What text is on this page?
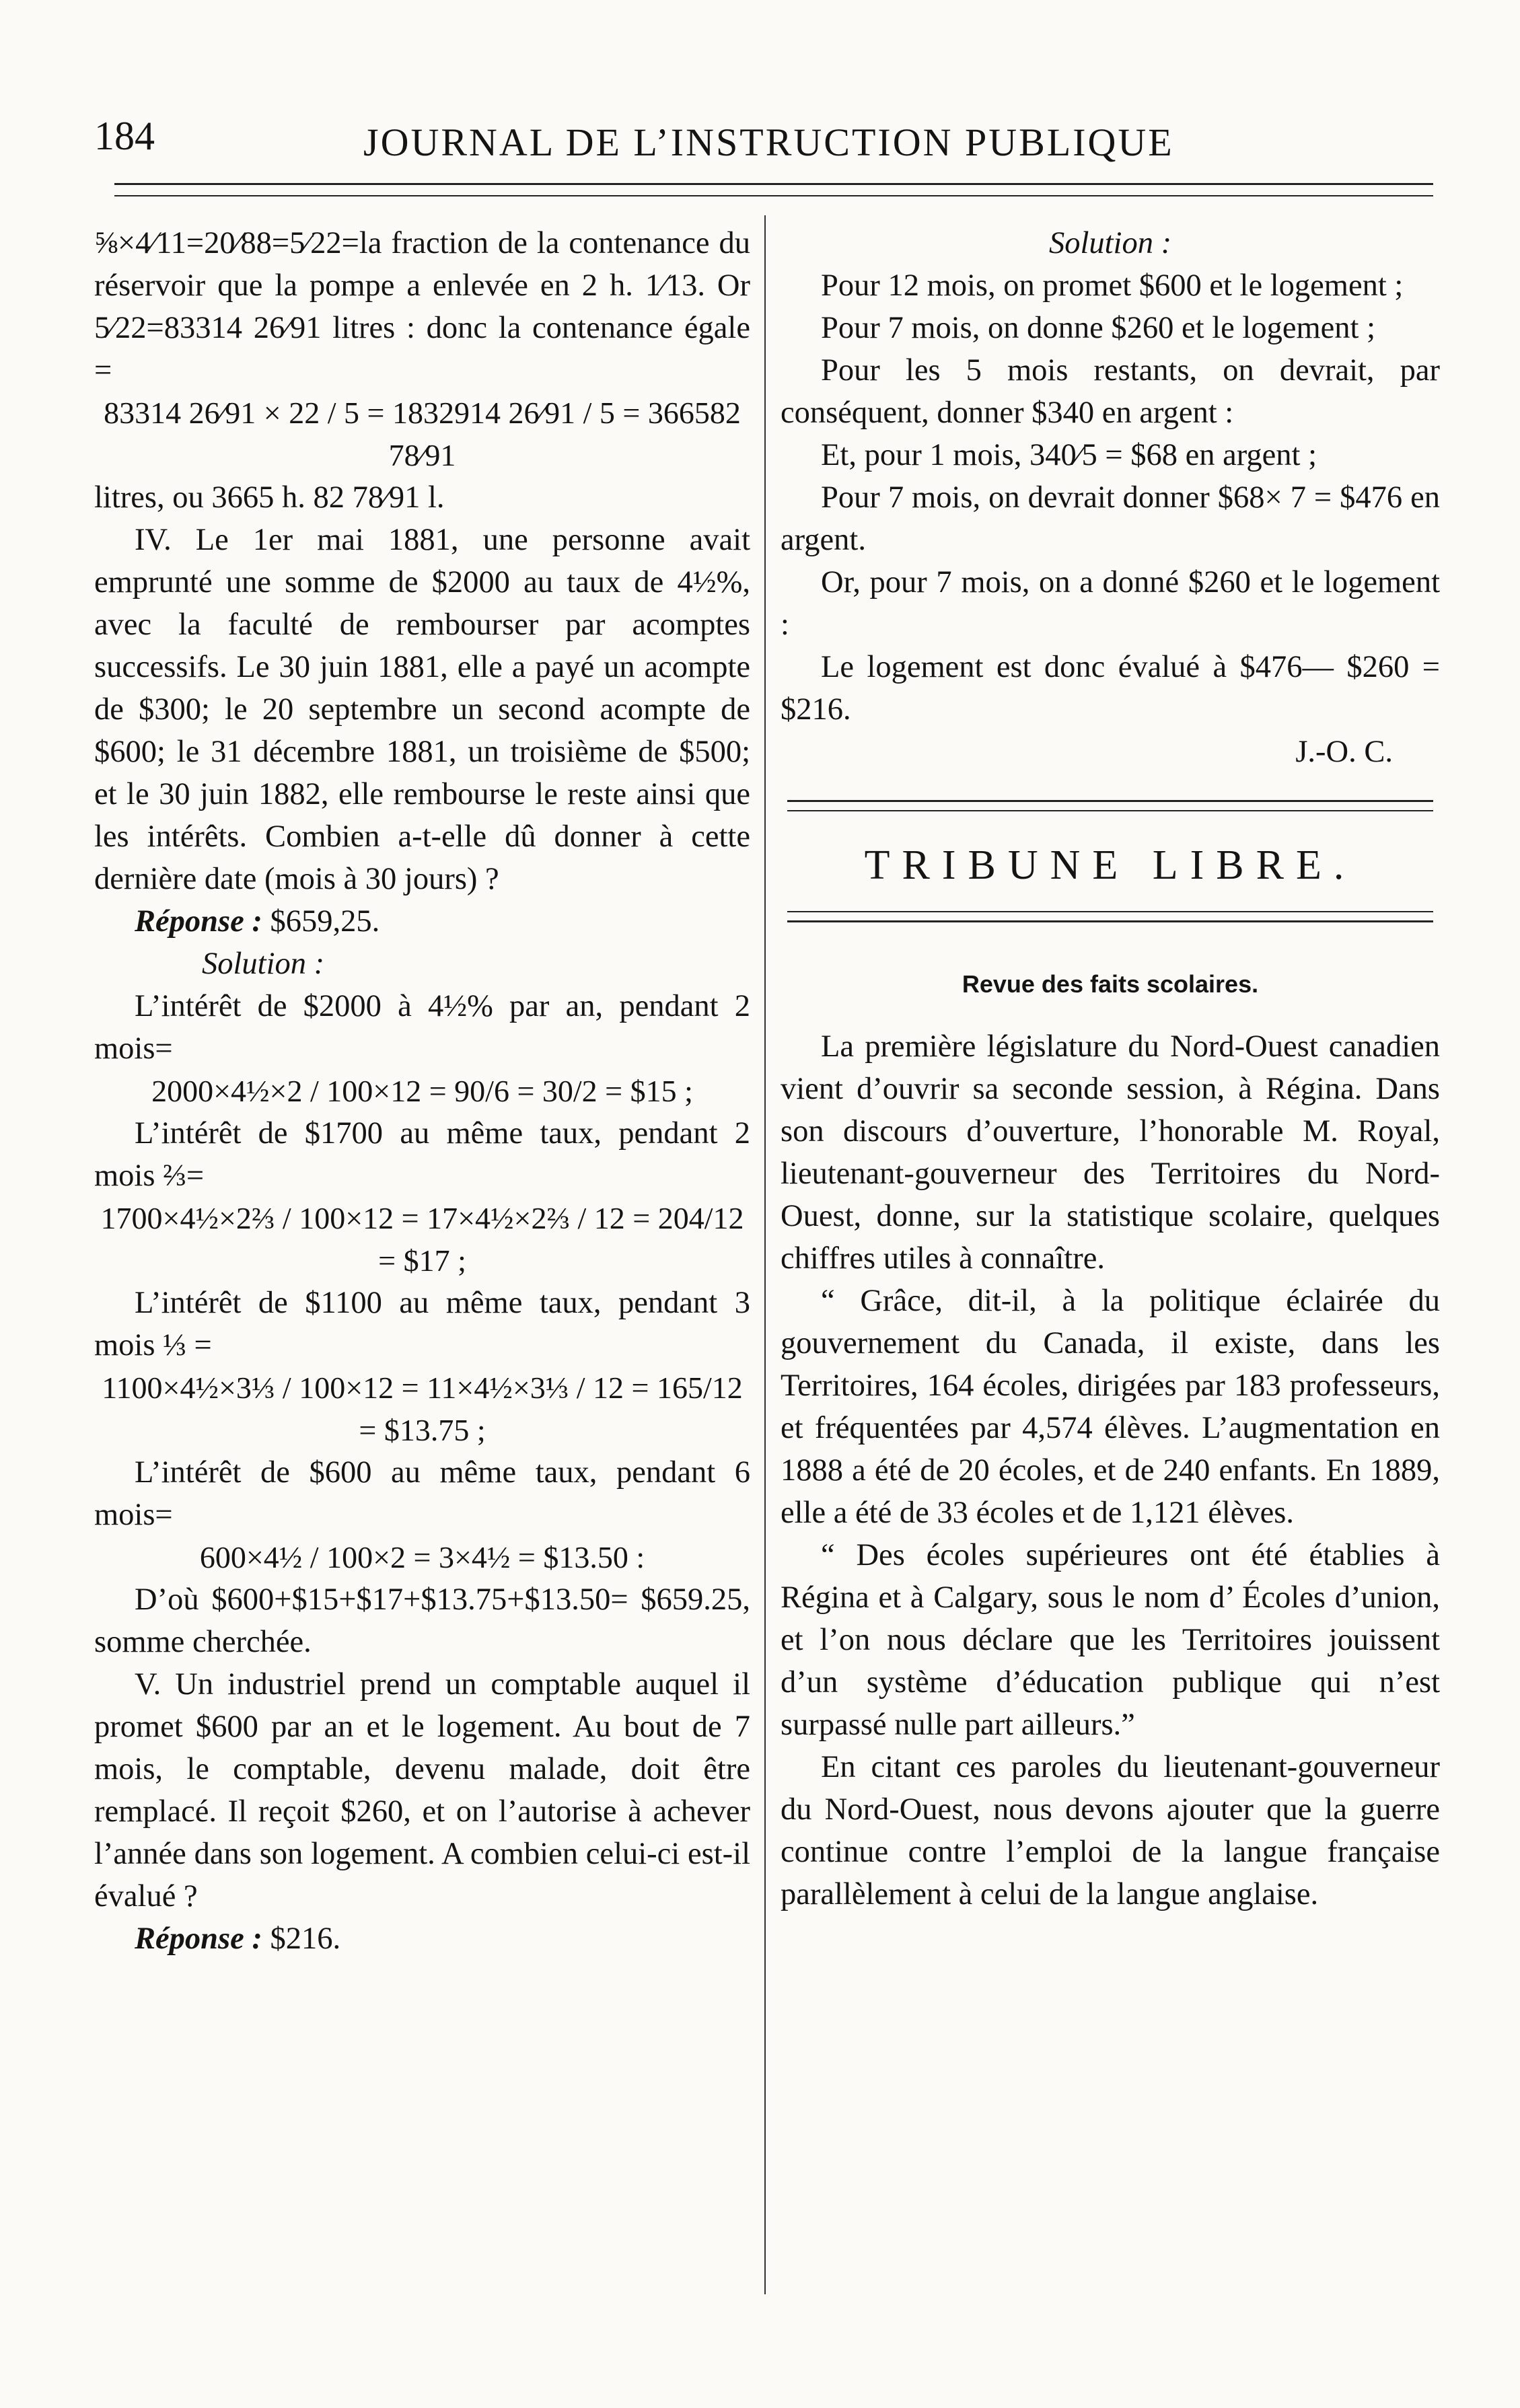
184	JOURNAL DE L’INSTRUCTION PUBLIQUE

⅝×4⁄11=20⁄88=5⁄22=la fraction de la contenance du réservoir que la pompe a enlevée en 2 h. 1⁄13. Or 5⁄22=83314 26⁄91 litres : donc la contenance égale =

83314 26⁄91 × 22 / 5 = 1832914 26⁄91 / 5 = 366582 78⁄91

litres, ou 3665 h. 82 78⁄91 l.

IV. Le 1er mai 1881, une personne avait emprunté une somme de $2000 au taux de 4½%, avec la faculté de rembourser par acomptes successifs. Le 30 juin 1881, elle a payé un acompte de $300; le 20 septembre un second acompte de $600; le 31 décembre 1881, un troisième de $500; et le 30 juin 1882, elle rembourse le reste ainsi que les intérêts. Combien a-t-elle dû donner à cette dernière date (mois à 30 jours) ?

Réponse : $659,25.

Solution :

L’intérêt de $2000 à 4½% par an, pendant 2 mois=

2000×4½×2 / 100×12 = 90/6 = 30/2 = $15 ;

L’intérêt de $1700 au même taux, pendant 2 mois ⅔=

1700×4½×2⅔ / 100×12 = 17×4½×2⅔ / 12 = 204/12 = $17 ;

L’intérêt de $1100 au même taux, pendant 3 mois ⅓ =

1100×4½×3⅓ / 100×12 = 11×4½×3⅓ / 12 = 165/12 = $13.75 ;

L’intérêt de $600 au même taux, pendant 6 mois=

600×4½ / 100×2 = 3×4½ = $13.50 :

D’où $600+$15+$17+$13.75+$13.50= $659.25, somme cherchée.

V. Un industriel prend un comptable auquel il promet $600 par an et le logement. Au bout de 7 mois, le comptable, devenu malade, doit être remplacé. Il reçoit $260, et on l’autorise à achever l’année dans son logement. A combien celui-ci est-il évalué ?

Réponse : $216.

Solution :

Pour 12 mois, on promet $600 et le logement ;

Pour 7 mois, on donne $260 et le logement ;

Pour les 5 mois restants, on devrait, par conséquent, donner $340 en argent :

Et, pour 1 mois, 340⁄5 = $68 en argent ;

Pour 7 mois, on devrait donner $68× 7 = $476 en argent.

Or, pour 7 mois, on a donné $260 et le logement :

Le logement est donc évalué à $476— $260 = $216.

J.-O. C.

TRIBUNE LIBRE.

Revue des faits scolaires.

La première législature du Nord-Ouest canadien vient d’ouvrir sa seconde session, à Régina. Dans son discours d’ouverture, l’honorable M. Royal, lieutenant-gouverneur des Territoires du Nord-Ouest, donne, sur la statistique scolaire, quelques chiffres utiles à connaître.

“ Grâce, dit-il, à la politique éclairée du gouvernement du Canada, il existe, dans les Territoires, 164 écoles, dirigées par 183 professeurs, et fréquentées par 4,574 élèves. L’augmentation en 1888 a été de 20 écoles, et de 240 enfants. En 1889, elle a été de 33 écoles et de 1,121 élèves.

“ Des écoles supérieures ont été établies à Régina et à Calgary, sous le nom d’ Écoles d’union, et l’on nous déclare que les Territoires jouissent d’un système d’éducation publique qui n’est surpassé nulle part ailleurs.”

En citant ces paroles du lieutenant-gouverneur du Nord-Ouest, nous devons ajouter que la guerre continue contre l’emploi de la langue française parallèlement à celui de la langue anglaise.
